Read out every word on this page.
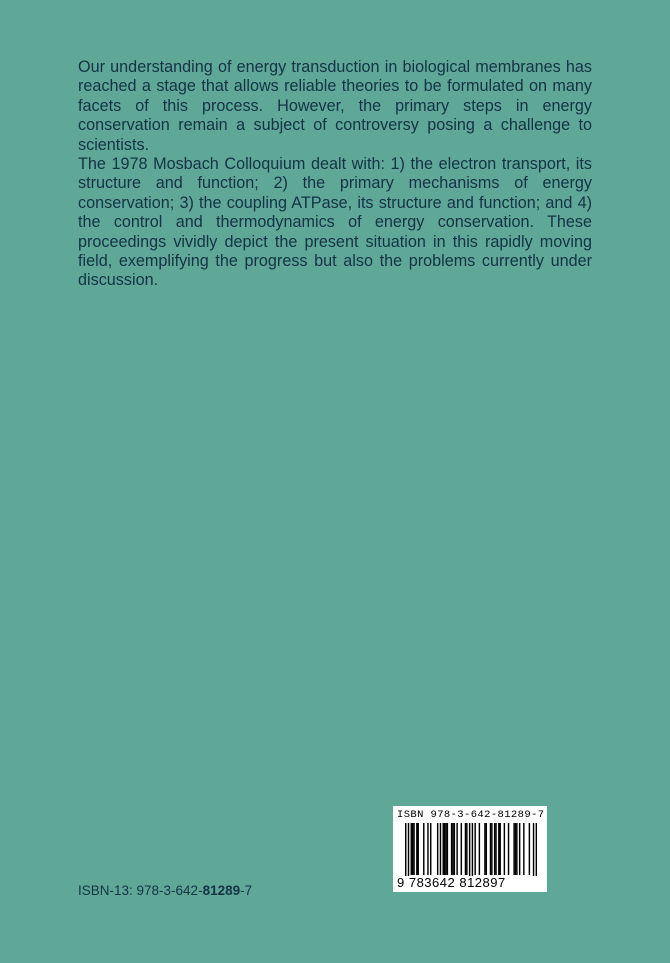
Our understanding of energy transduction in biological membranes has reached a stage that allows reliable theories to be formulated on many facets of this process. However, the primary steps in energy conservation remain a subject of controversy posing a challenge to scientists.

The 1978 Mosbach Colloquium dealt with: 1) the electron transport, its structure and function; 2) the primary mechanisms of energy conservation; 3) the coupling ATPase, its structure and function; and 4) the control and thermodynamics of energy conservation. These proceedings vividly depict the present situation in this rapidly moving field, exemplifying the progress but also the problems currently under discussion.

ISBN 978-3-642-81289-7
9 783642 812897
ISBN-13: 978-3-642-81289-7
